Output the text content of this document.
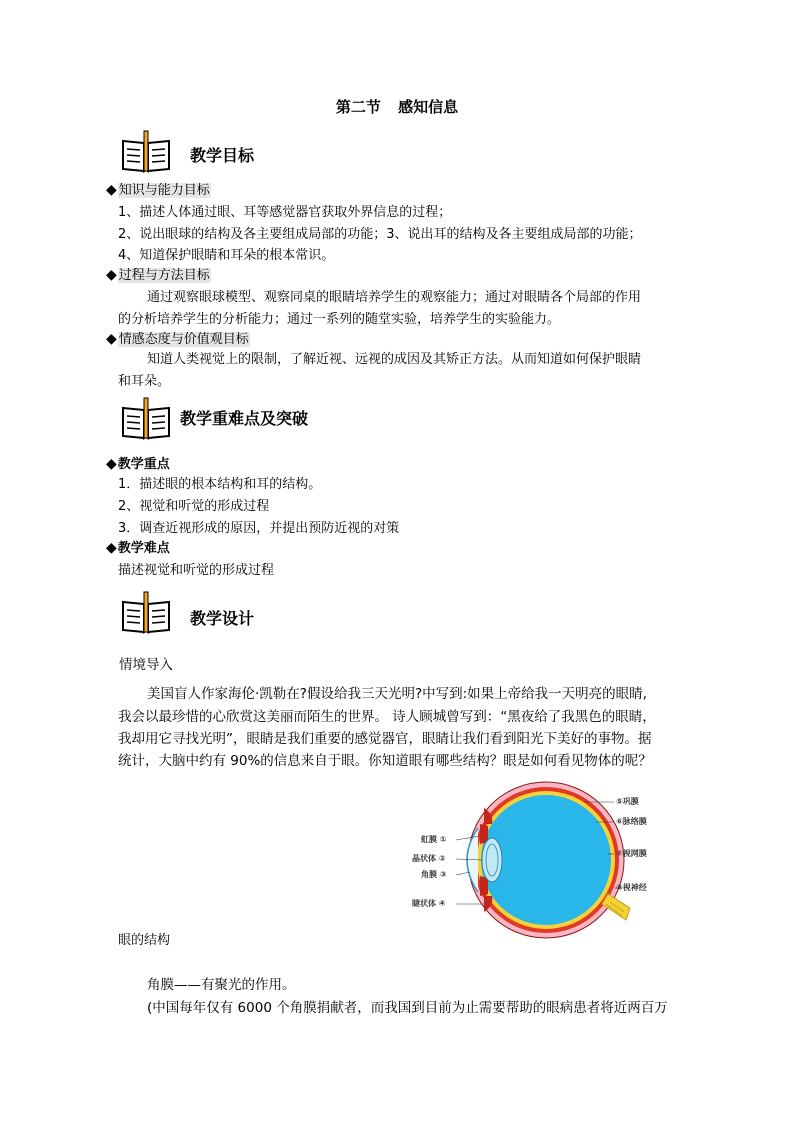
第二节 感知信息
教学目标
◆ 知识与能力目标
1、描述人体通过眼、耳等感觉器官获取外界信息的过程；
2、说出眼球的结构及各主要组成局部的功能；3、说出耳的结构及各主要组成局部的功能；
4、知道保护眼睛和耳朵的根本常识。
◆ 过程与方法目标
通过观察眼球模型、观察同桌的眼睛培养学生的观察能力；通过对眼睛各个局部的作用
的分析培养学生的分析能力；通过一系列的随堂实验，培养学生的实验能力。
◆ 情感态度与价值观目标
知道人类视觉上的限制，了解近视、远视的成因及其矫正方法。从而知道如何保护眼睛
和耳朵。
教学重难点及突破
◆教学重点
1．描述眼的根本结构和耳的结构。
2、视觉和听觉的形成过程
3．调查近视形成的原因，并提出预防近视的对策
◆教学难点
描述视觉和听觉的形成过程
教学设计
情境导入
美国盲人作家海伦·凯勒在?假设给我三天光明?中写到:如果上帝给我一天明亮的眼睛,
我会以最珍惜的心欣赏这美丽而陌生的世界。 诗人顾城曾写到：“黑夜给了我黑色的眼睛，
我却用它寻找光明”，眼睛是我们重要的感觉器官，眼睛让我们看到阳光下美好的事物。据
统计，大脑中约有 90%的信息来自于眼。你知道眼有哪些结构？眼是如何看见物体的呢？
虹膜 ①
晶状体 ②
角膜 ③
睫状体 ④
⑤巩膜
⑥脉络膜
⑦视网膜
⑧视神经
眼的结构
角膜——有聚光的作用。
(中国每年仅有 6000 个角膜捐献者，而我国到目前为止需要帮助的眼病患者将近两百万
